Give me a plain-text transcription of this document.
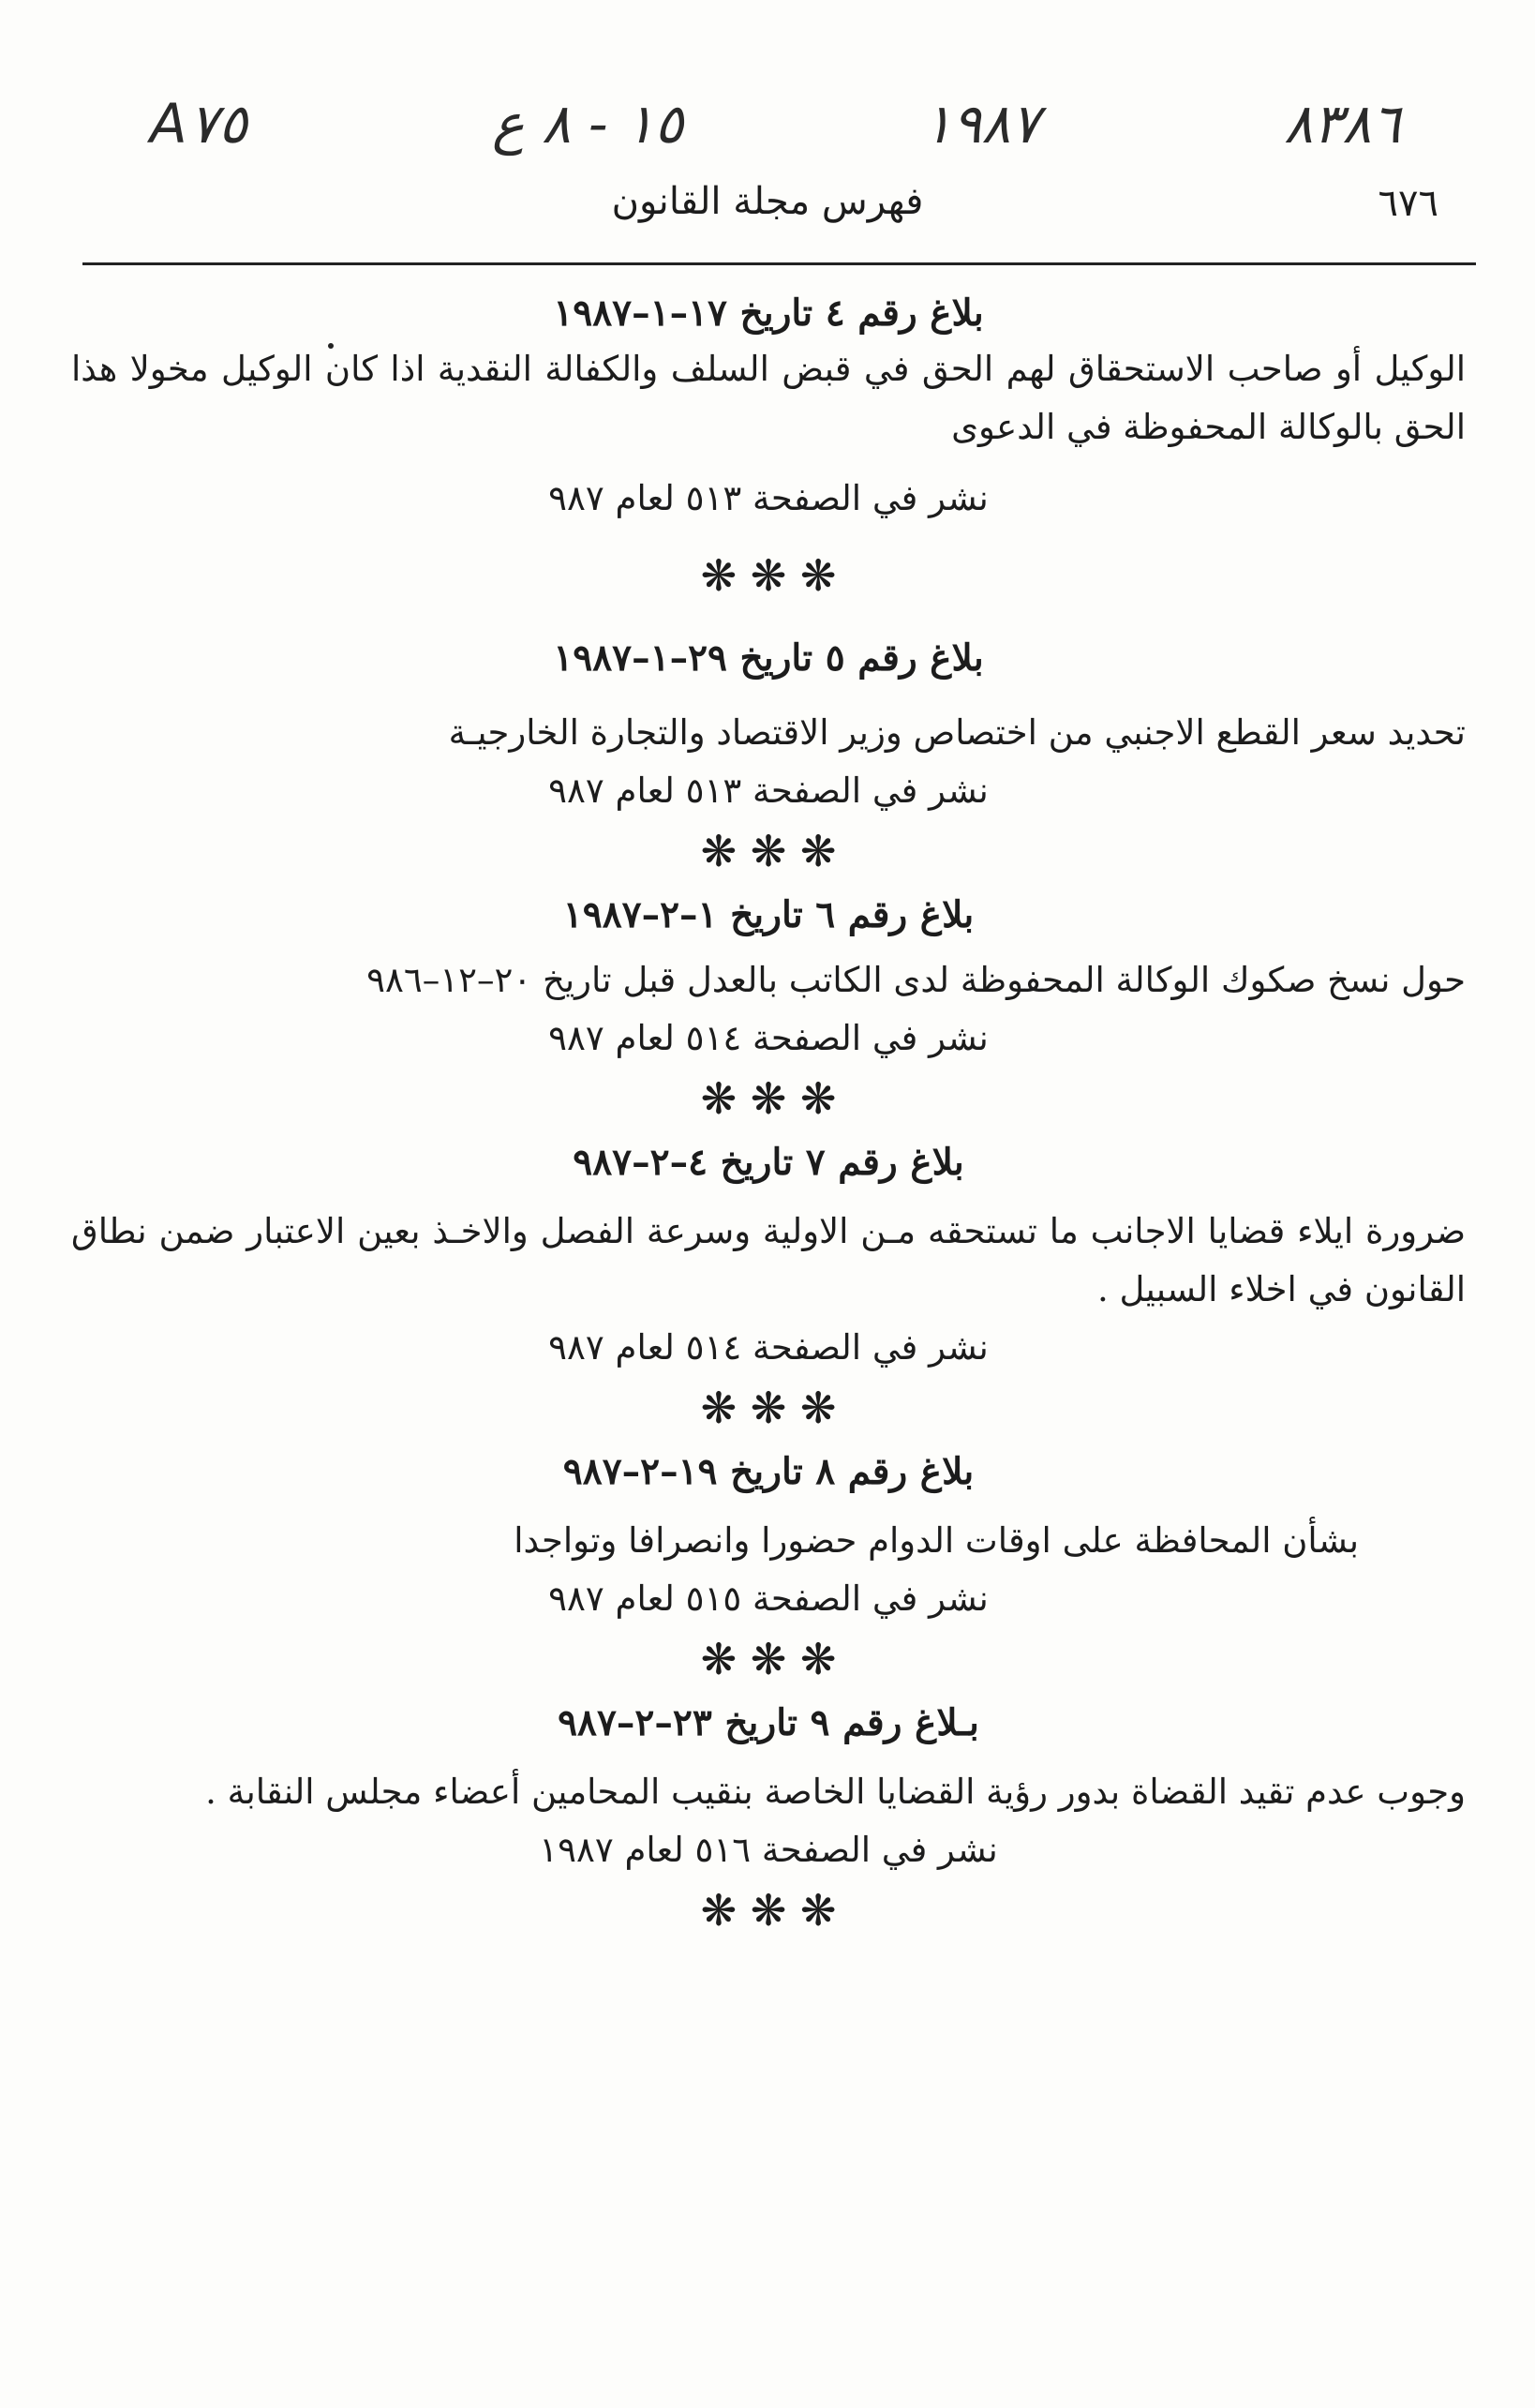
٨٣٨٦
١٩٨٧
١٥ - ٨ ع
A٧٥
٦٧٦
فهرس مجلة القانون
بلاغ رقم ٤ تاريخ ١٧–١–١٩٨٧
الوكيل أو صاحب الاستحقاق لهم الحق في قبض السلف والكفالة النقدية اذا كان الوكيل مخولا هذا الحق بالوكالة المحفوظة في الدعوى
نشر في الصفحة ٥١٣ لعام ٩٨٧
❋ ❋ ❋
بلاغ رقم ٥ تاريخ ٢٩–١–١٩٨٧
تحديد سعر القطع الاجنبي من اختصاص وزير الاقتصاد والتجارة الخارجيـة
نشر في الصفحة ٥١٣ لعام ٩٨٧
❋ ❋ ❋
بلاغ رقم ٦ تاريخ ١–٢–١٩٨٧
حول نسخ صكوك الوكالة المحفوظة لدى الكاتب بالعدل قبل تاريخ ٢٠–١٢–٩٨٦
نشر في الصفحة ٥١٤ لعام ٩٨٧
❋ ❋ ❋
بلاغ رقم ٧ تاريخ ٤–٢–٩٨٧
ضرورة ايلاء قضايا الاجانب ما تستحقه مـن الاولية وسرعة الفصل والاخـذ بعين الاعتبار ضمن نطاق القانون في اخلاء السبيل .
نشر في الصفحة ٥١٤ لعام ٩٨٧
❋ ❋ ❋
بلاغ رقم ٨ تاريخ ١٩–٢–٩٨٧
بشأن المحافظة على اوقات الدوام حضورا وانصرافا وتواجدا
نشر في الصفحة ٥١٥ لعام ٩٨٧
❋ ❋ ❋
بـلاغ رقم ٩ تاريخ ٢٣–٢–٩٨٧
وجوب عدم تقيد القضاة بدور رؤية القضايا الخاصة بنقيب المحامين أعضاء مجلس النقابة .
نشر في الصفحة ٥١٦ لعام ١٩٨٧
❋ ❋ ❋
